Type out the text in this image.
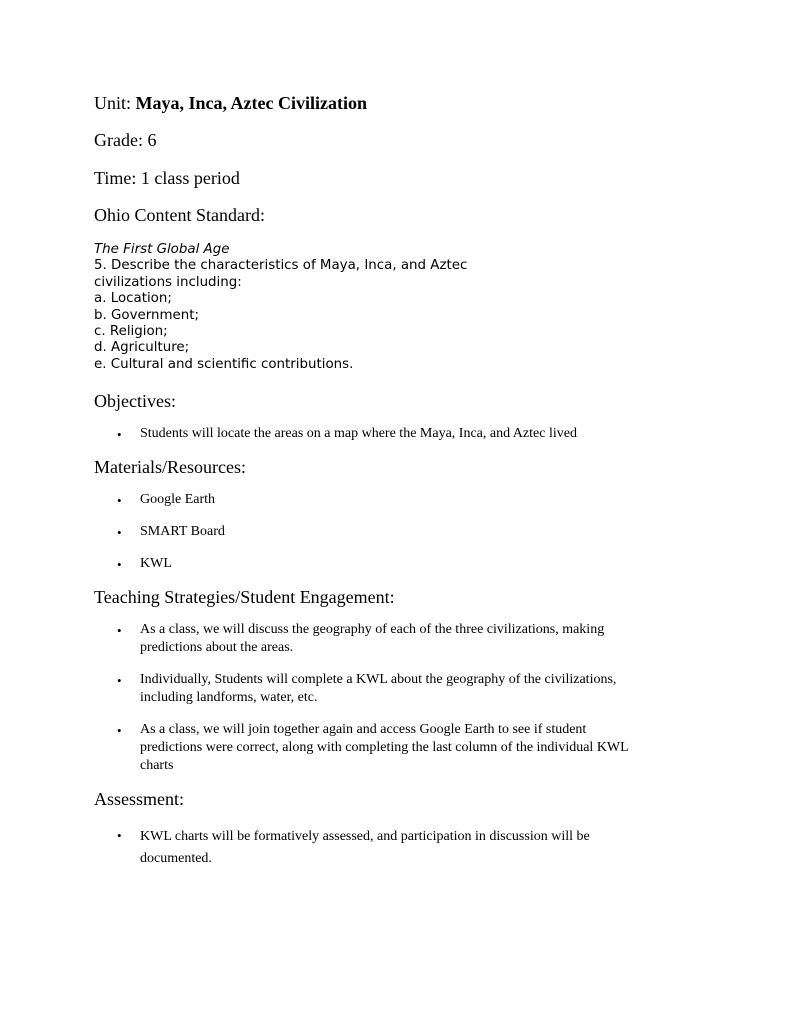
Unit: Maya, Inca, Aztec Civilization
Grade: 6
Time: 1 class period
Ohio Content Standard:
The First Global Age
5. Describe the characteristics of Maya, Inca, and Aztec
civilizations including:
a. Location;
b. Government;
c. Religion;
d. Agriculture;
e. Cultural and scientific contributions.
Objectives:
• Students will locate the areas on a map where the Maya, Inca, and Aztec lived
Materials/Resources:
• Google Earth
• SMART Board
• KWL
Teaching Strategies/Student Engagement:
• As a class, we will discuss the geography of each of the three civilizations, making
predictions about the areas.
• Individually, Students will complete a KWL about the geography of the civilizations,
including landforms, water, etc.
• As a class, we will join together again and access Google Earth to see if student
predictions were correct, along with completing the last column of the individual KWL
charts
Assessment:
• KWL charts will be formatively assessed, and participation in discussion will be
documented.
